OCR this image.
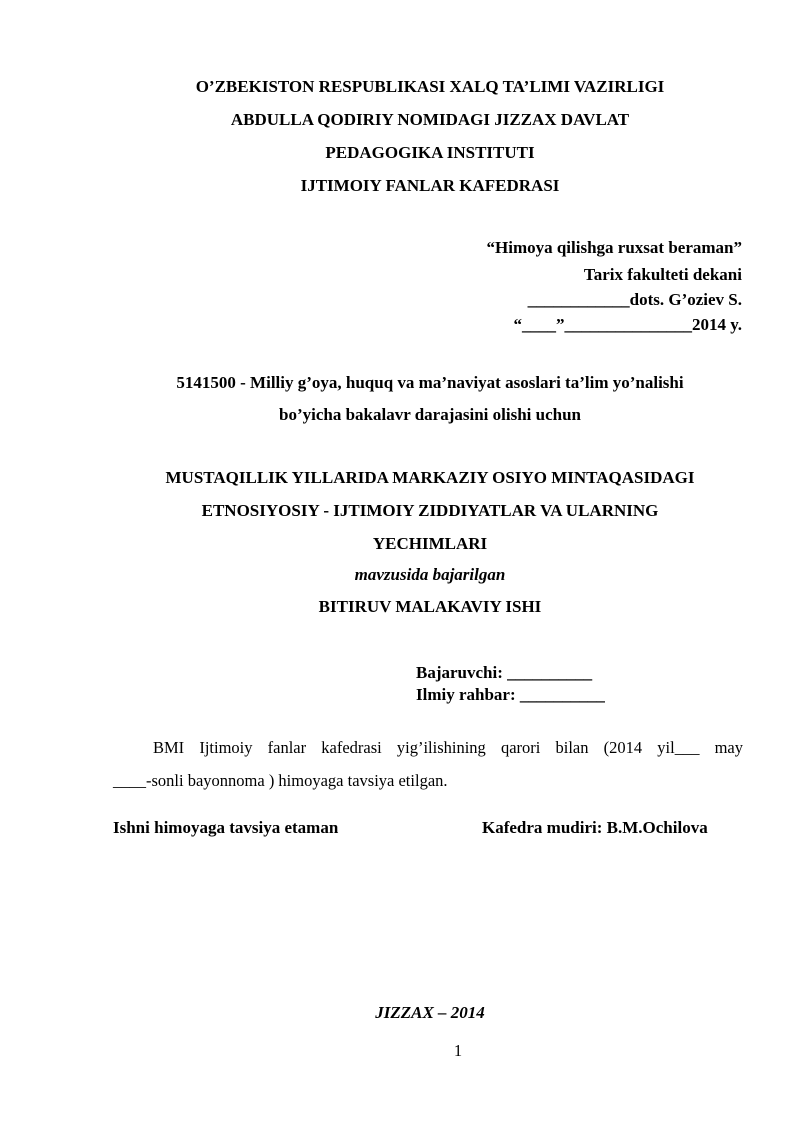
O’ZBEKISTON RESPUBLIKASI XALQ TA’LIMI VAZIRLIGI
ABDULLA QODIRIY NOMIDAGI JIZZAX DAVLAT
PEDAGOGIKA INSTITUTI
IJTIMOIY FANLAR KAFEDRASI
“Himoya qilishga ruxsat beraman”
Tarix fakulteti dekani
____________dots. G’oziev S.
“____”_______________2014 y.
5141500 - Milliy g’oya, huquq va ma’naviyat asoslari ta’lim yo’nalishi
bo’yicha bakalavr darajasini olishi uchun
MUSTAQILLIK YILLARIDA MARKAZIY OSIYO MINTAQASIDAGI
ETNOSIYOSIY - IJTIMOIY ZIDDIYATLAR VA ULARNING
YECHIMLARI
mavzusida bajarilgan
BITIRUV MALAKAVIY ISHI
Bajaruvchi: __________
Ilmiy rahbar: __________
BMI Ijtimoiy fanlar kafedrasi yig’ilishining qarori bilan (2014 yil___ may
____-sonli bayonnoma ) himoyaga tavsiya etilgan.
Ishni himoyaga tavsiya etaman	Kafedra mudiri: B.M.Ochilova
JIZZAX – 2014
1
